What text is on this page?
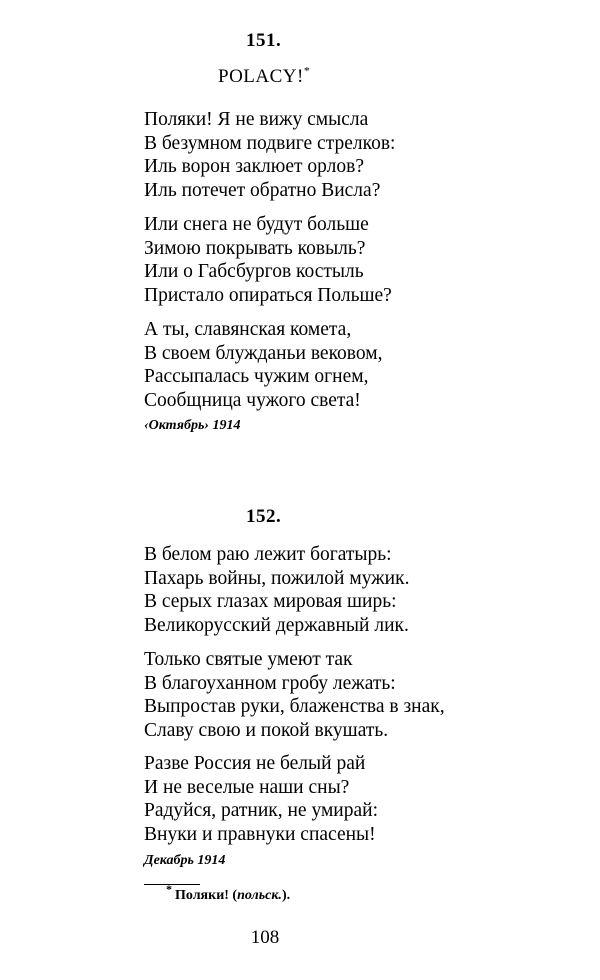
151.
POLACY!*
Поляки! Я не вижу смысла
В безумном подвиге стрелков:
Иль ворон заклюет орлов?
Иль потечет обратно Висла?
Или снега не будут больше
Зимою покрывать ковыль?
Или о Габсбургов костыль
Пристало опираться Польше?
А ты, славянская комета,
В своем блужданьи вековом,
Рассыпалась чужим огнем,
Сообщница чужого света!
‹Октябрь› 1914
152.
В белом раю лежит богатырь:
Пахарь войны, пожилой мужик.
В серых глазах мировая ширь:
Великорусский державный лик.
Только святые умеют так
В благоуханном гробу лежать:
Выпростав руки, блаженства в знак,
Славу свою и покой вкушать.
Разве Россия не белый рай
И не веселые наши сны?
Радуйся, ратник, не умирай:
Внуки и правнуки спасены!
Декабрь 1914
* Поляки! (польск.).
108
